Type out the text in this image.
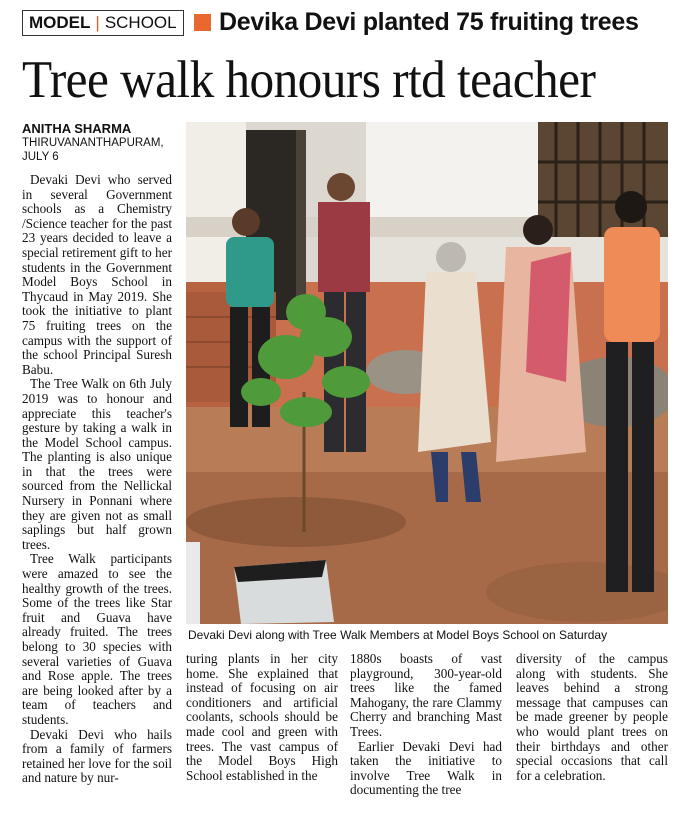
MODEL | SCHOOL Devika Devi planted 75 fruiting trees
Tree walk honours rtd teacher
ANITHA SHARMA
THIRUVANANTHAPURAM,
JULY 6

Devaki Devi who served in several Government schools as a Chemistry /Science teacher for the past 23 years decided to leave a special retirement gift to her students in the Government Model Boys School in Thycaud in May 2019. She took the initiative to plant 75 fruiting trees on the campus with the support of the school Principal Suresh Babu.

The Tree Walk on 6th July 2019 was to honour and appreciate this teacher's gesture by taking a walk in the Model School campus. The planting is also unique in that the trees were sourced from the Nellickal Nursery in Ponnani where they are given not as small saplings but half grown trees.

Tree Walk participants were amazed to see the healthy growth of the trees. Some of the trees like Star fruit and Guava have already fruited. The trees belong to 30 species with several varieties of Guava and Rose apple. The trees are being looked after by a team of teachers and students.

Devaki Devi who hails from a family of farmers retained her love for the soil and nature by nur-

Devaki Devi along with Tree Walk Members at Model Boys School on Saturday

turing plants in her city home. She explained that instead of focusing on air conditioners and artificial coolants, schools should be made cool and green with trees. The vast campus of the Model Boys High School established in the

1880s boasts of vast playground, 300-year-old trees like the famed Mahogany, the rare Clammy Cherry and branching Mast Trees.

Earlier Devaki Devi had taken the initiative to involve Tree Walk in documenting the tree

diversity of the campus along with students. She leaves behind a strong message that campuses can be made greener by people who would plant trees on their birthdays and other special occasions that call for a celebration.
